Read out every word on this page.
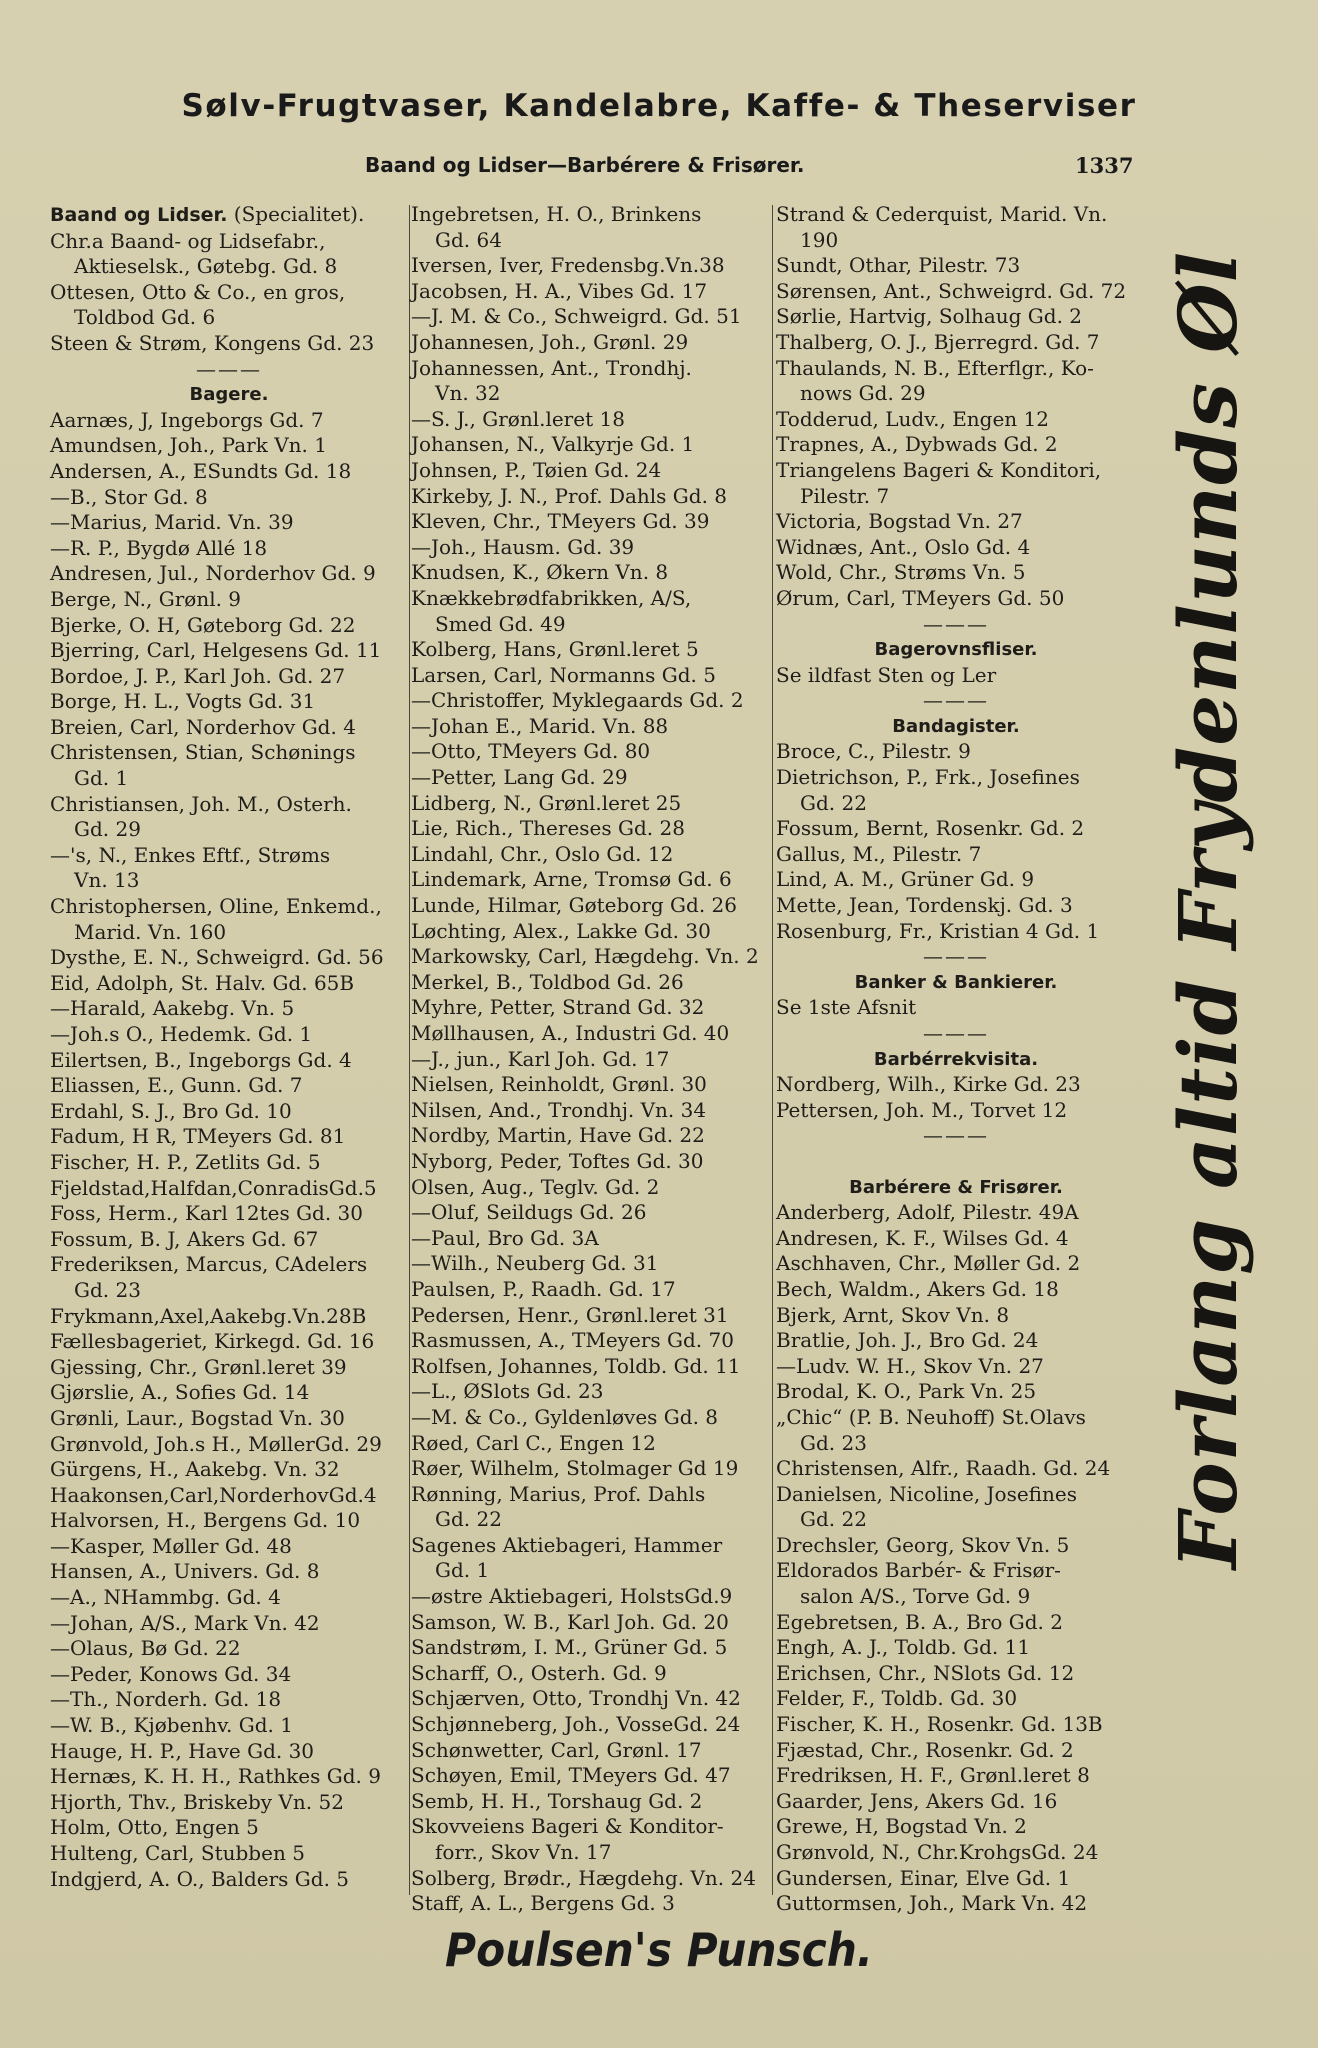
Sølv-Frugtvaser, Kandelabre, Kaffe- & Theserviser
Baand og Lidser—Barbérere & Frisører.	1337
Baand og Lidser. (Specialitet).
Chr.a Baand- og Lidsefabr.,
Aktieselsk., Gøtebg. Gd. 8
Ottesen, Otto & Co., en gros,
Toldbod Gd. 6
Steen & Strøm, Kongens Gd. 23
———
Bagere.
Aarnæs, J, Ingeborgs Gd. 7
Amundsen, Joh., Park Vn. 1
Andersen, A., ESundts Gd. 18
—B., Stor Gd. 8
—Marius, Marid. Vn. 39
—R. P., Bygdø Allé 18
Andresen, Jul., Norderhov Gd. 9
Berge, N., Grønl. 9
Bjerke, O. H, Gøteborg Gd. 22
Bjerring, Carl, Helgesens Gd. 11
Bordoe, J. P., Karl Joh. Gd. 27
Borge, H. L., Vogts Gd. 31
Breien, Carl, Norderhov Gd. 4
Christensen, Stian, Schønings
Gd. 1
Christiansen, Joh. M., Osterh.
Gd. 29
—'s, N., Enkes Eftf., Strøms
Vn. 13
Christophersen, Oline, Enkemd.,
Marid. Vn. 160
Dysthe, E. N., Schweigrd. Gd. 56
Eid, Adolph, St. Halv. Gd. 65B
—Harald, Aakebg. Vn. 5
—Joh.s O., Hedemk. Gd. 1
Eilertsen, B., Ingeborgs Gd. 4
Eliassen, E., Gunn. Gd. 7
Erdahl, S. J., Bro Gd. 10
Fadum, H R, TMeyers Gd. 81
Fischer, H. P., Zetlits Gd. 5
Fjeldstad,Halfdan,ConradisGd.5
Foss, Herm., Karl 12tes Gd. 30
Fossum, B. J, Akers Gd. 67
Frederiksen, Marcus, CAdelers
Gd. 23
Frykmann,Axel,Aakebg.Vn.28B
Fællesbageriet, Kirkegd. Gd. 16
Gjessing, Chr., Grønl.leret 39
Gjørslie, A., Sofies Gd. 14
Grønli, Laur., Bogstad Vn. 30
Grønvold, Joh.s H., MøllerGd. 29
Gürgens, H., Aakebg. Vn. 32
Haakonsen,Carl,NorderhovGd.4
Halvorsen, H., Bergens Gd. 10
—Kasper, Møller Gd. 48
Hansen, A., Univers. Gd. 8
—A., NHammbg. Gd. 4
—Johan, A/S., Mark Vn. 42
—Olaus, Bø Gd. 22
—Peder, Konows Gd. 34
—Th., Norderh. Gd. 18
—W. B., Kjøbenhv. Gd. 1
Hauge, H. P., Have Gd. 30
Hernæs, K. H. H., Rathkes Gd. 9
Hjorth, Thv., Briskeby Vn. 52
Holm, Otto, Engen 5
Hulteng, Carl, Stubben 5
Indgjerd, A. O., Balders Gd. 5
Ingebretsen, H. O., Brinkens
Gd. 64
Iversen, Iver, Fredensbg.Vn.38
Jacobsen, H. A., Vibes Gd. 17
—J. M. & Co., Schweigrd. Gd. 51
Johannesen, Joh., Grønl. 29
Johannessen, Ant., Trondhj.
Vn. 32
—S. J., Grønl.leret 18
Johansen, N., Valkyrje Gd. 1
Johnsen, P., Tøien Gd. 24
Kirkeby, J. N., Prof. Dahls Gd. 8
Kleven, Chr., TMeyers Gd. 39
—Joh., Hausm. Gd. 39
Knudsen, K., Økern Vn. 8
Knækkebrødfabrikken, A/S,
Smed Gd. 49
Kolberg, Hans, Grønl.leret 5
Larsen, Carl, Normanns Gd. 5
—Christoffer, Myklegaards Gd. 2
—Johan E., Marid. Vn. 88
—Otto, TMeyers Gd. 80
—Petter, Lang Gd. 29
Lidberg, N., Grønl.leret 25
Lie, Rich., Thereses Gd. 28
Lindahl, Chr., Oslo Gd. 12
Lindemark, Arne, Tromsø Gd. 6
Lunde, Hilmar, Gøteborg Gd. 26
Løchting, Alex., Lakke Gd. 30
Markowsky, Carl, Hægdehg. Vn. 2
Merkel, B., Toldbod Gd. 26
Myhre, Petter, Strand Gd. 32
Møllhausen, A., Industri Gd. 40
—J., jun., Karl Joh. Gd. 17
Nielsen, Reinholdt, Grønl. 30
Nilsen, And., Trondhj. Vn. 34
Nordby, Martin, Have Gd. 22
Nyborg, Peder, Toftes Gd. 30
Olsen, Aug., Teglv. Gd. 2
—Oluf, Seildugs Gd. 26
—Paul, Bro Gd. 3A
—Wilh., Neuberg Gd. 31
Paulsen, P., Raadh. Gd. 17
Pedersen, Henr., Grønl.leret 31
Rasmussen, A., TMeyers Gd. 70
Rolfsen, Johannes, Toldb. Gd. 11
—L., ØSlots Gd. 23
—M. & Co., Gyldenløves Gd. 8
Røed, Carl C., Engen 12
Røer, Wilhelm, Stolmager Gd 19
Rønning, Marius, Prof. Dahls
Gd. 22
Sagenes Aktiebageri, Hammer
Gd. 1
—østre Aktiebageri, HolstsGd.9
Samson, W. B., Karl Joh. Gd. 20
Sandstrøm, I. M., Grüner Gd. 5
Scharff, O., Osterh. Gd. 9
Schjærven, Otto, Trondhj Vn. 42
Schjønneberg, Joh., VosseGd. 24
Schønwetter, Carl, Grønl. 17
Schøyen, Emil, TMeyers Gd. 47
Semb, H. H., Torshaug Gd. 2
Skovveiens Bageri & Konditor-
forr., Skov Vn. 17
Solberg, Brødr., Hægdehg. Vn. 24
Staff, A. L., Bergens Gd. 3
Strand & Cederquist, Marid. Vn.
190
Sundt, Othar, Pilestr. 73
Sørensen, Ant., Schweigrd. Gd. 72
Sørlie, Hartvig, Solhaug Gd. 2
Thalberg, O. J., Bjerregrd. Gd. 7
Thaulands, N. B., Efterflgr., Ko-
nows Gd. 29
Todderud, Ludv., Engen 12
Trapnes, A., Dybwads Gd. 2
Triangelens Bageri & Konditori,
Pilestr. 7
Victoria, Bogstad Vn. 27
Widnæs, Ant., Oslo Gd. 4
Wold, Chr., Strøms Vn. 5
Ørum, Carl, TMeyers Gd. 50
———
Bagerovnsfliser.
Se ildfast Sten og Ler
———
Bandagister.
Broce, C., Pilestr. 9
Dietrichson, P., Frk., Josefines
Gd. 22
Fossum, Bernt, Rosenkr. Gd. 2
Gallus, M., Pilestr. 7
Lind, A. M., Grüner Gd. 9
Mette, Jean, Tordenskj. Gd. 3
Rosenburg, Fr., Kristian 4 Gd. 1
———
Banker & Bankierer.
Se 1ste Afsnit
———
Barbérrekvisita.
Nordberg, Wilh., Kirke Gd. 23
Pettersen, Joh. M., Torvet 12
———
Barbérere & Frisører.
Anderberg, Adolf, Pilestr. 49A
Andresen, K. F., Wilses Gd. 4
Aschhaven, Chr., Møller Gd. 2
Bech, Waldm., Akers Gd. 18
Bjerk, Arnt, Skov Vn. 8
Bratlie, Joh. J., Bro Gd. 24
—Ludv. W. H., Skov Vn. 27
Brodal, K. O., Park Vn. 25
„Chic“ (P. B. Neuhoff) St.Olavs
Gd. 23
Christensen, Alfr., Raadh. Gd. 24
Danielsen, Nicoline, Josefines
Gd. 22
Drechsler, Georg, Skov Vn. 5
Eldorados Barbér- & Frisør-
salon A/S., Torve Gd. 9
Egebretsen, B. A., Bro Gd. 2
Engh, A. J., Toldb. Gd. 11
Erichsen, Chr., NSlots Gd. 12
Felder, F., Toldb. Gd. 30
Fischer, K. H., Rosenkr. Gd. 13B
Fjæstad, Chr., Rosenkr. Gd. 2
Fredriksen, H. F., Grønl.leret 8
Gaarder, Jens, Akers Gd. 16
Grewe, H, Bogstad Vn. 2
Grønvold, N., Chr.KrohgsGd. 24
Gundersen, Einar, Elve Gd. 1
Guttormsen, Joh., Mark Vn. 42
Forlang altid Frydenlunds Øl
Poulsen's Punsch.
